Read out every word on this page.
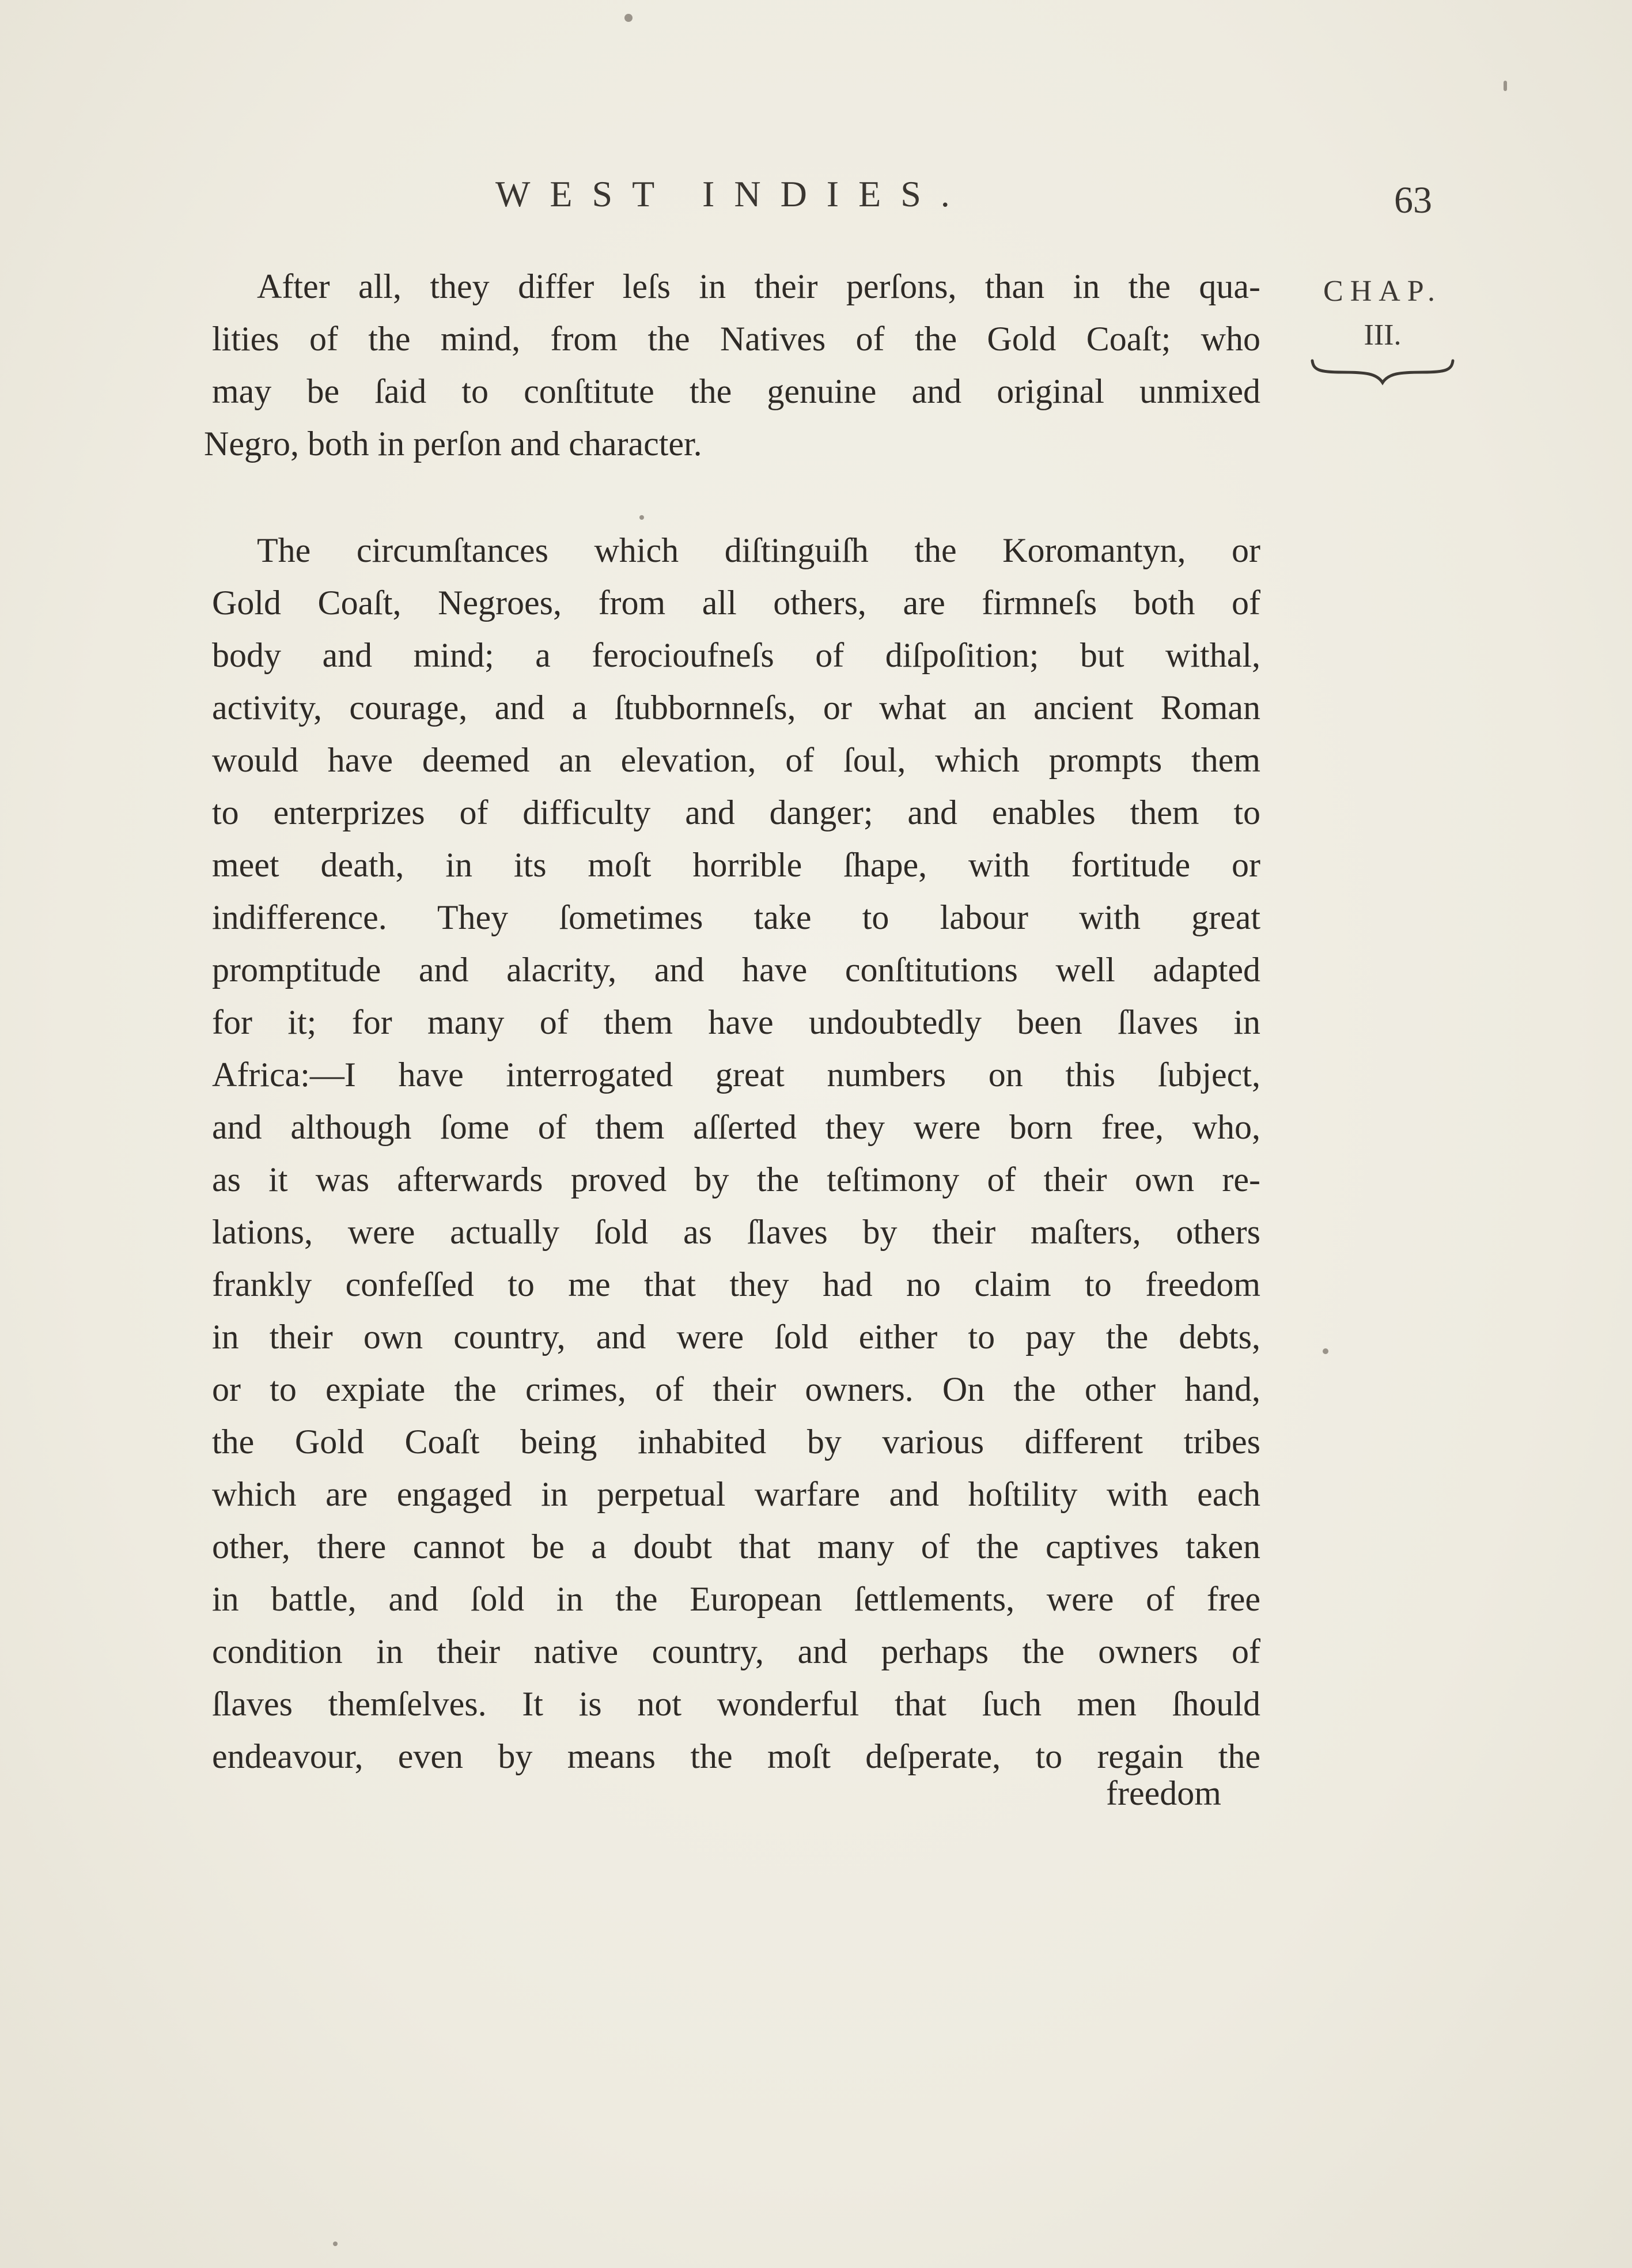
WEST INDIES.	63
CHAP.
III.
After all, they differ leſs in their perſons, than in the qua-
lities of the mind, from the Natives of the Gold Coaſt; who
may be ſaid to conſtitute the genuine and original unmixed
Negro, both in perſon and character.
The circumſtances which diſtinguiſh the Koromantyn, or
Gold Coaſt, Negroes, from all others, are firmneſs both of
body and mind; a ferocioufneſs of diſpoſition; but withal,
activity, courage, and a ſtubbornneſs, or what an ancient Roman
would have deemed an elevation, of ſoul, which prompts them
to enterprizes of difficulty and danger; and enables them to
meet death, in its moſt horrible ſhape, with fortitude or
indifference. They ſometimes take to labour with great
promptitude and alacrity, and have conſtitutions well adapted
for it; for many of them have undoubtedly been ſlaves in
Africa:—I have interrogated great numbers on this ſubject,
and although ſome of them aſſerted they were born free, who,
as it was afterwards proved by the teſtimony of their own re-
lations, were actually ſold as ſlaves by their maſters, others
frankly confeſſed to me that they had no claim to freedom
in their own country, and were ſold either to pay the debts,
or to expiate the crimes, of their owners. On the other hand,
the Gold Coaſt being inhabited by various different tribes
which are engaged in perpetual warfare and hoſtility with each
other, there cannot be a doubt that many of the captives taken
in battle, and ſold in the European ſettlements, were of free
condition in their native country, and perhaps the owners of
ſlaves themſelves. It is not wonderful that ſuch men ſhould
endeavour, even by means the moſt deſperate, to regain the
freedom
